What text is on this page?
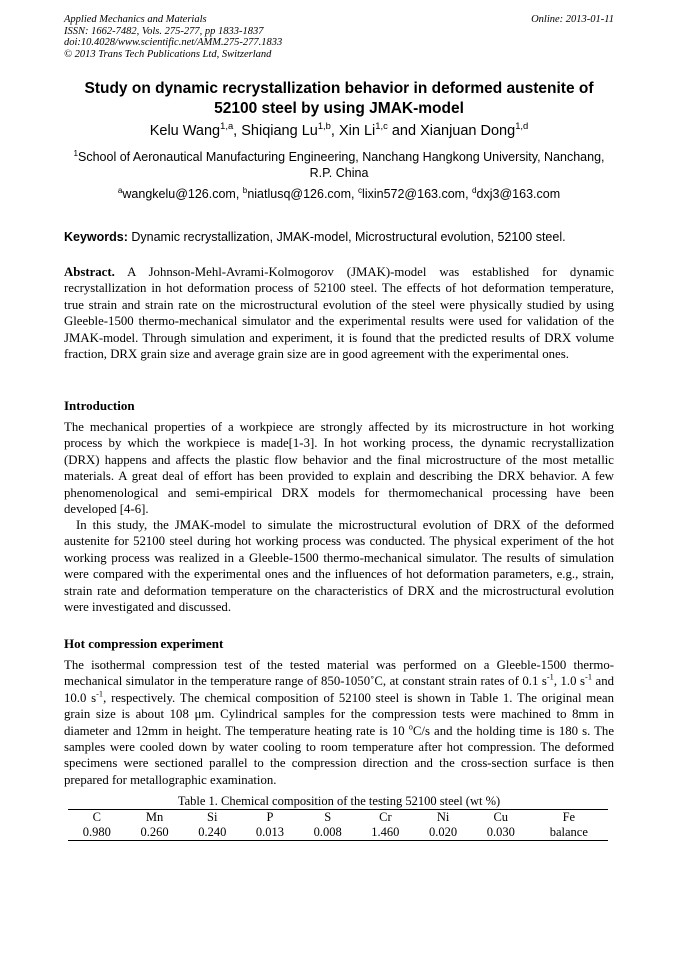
Applied Mechanics and Materials
ISSN: 1662-7482, Vols. 275-277, pp 1833-1837
doi:10.4028/www.scientific.net/AMM.275-277.1833
© 2013 Trans Tech Publications Ltd, Switzerland
Online: 2013-01-11
Study on dynamic recrystallization behavior in deformed austenite of
52100 steel by using JMAK-model
Kelu Wang$^{1,a}$, Shiqiang Lu$^{1,b}$, Xin Li$^{1,c}$ and Xianjuan Dong$^{1,d}$
$^1$School of Aeronautical Manufacturing Engineering, Nanchang Hangkong University, Nanchang, R.P. China
$^a$wangkelu@126.com, $^b$niatlusq@126.com, $^c$lixin572@163.com, $^d$dxj3@163.com
Keywords: Dynamic recrystallization, JMAK-model, Microstructural evolution, 52100 steel.

Abstract. A Johnson-Mehl-Avrami-Kolmogorov (JMAK)-model was established for dynamic recrystallization in hot deformation process of 52100 steel. The effects of hot deformation temperature, true strain and strain rate on the microstructural evolution of the steel were physically studied by using Gleeble-1500 thermo-mechanical simulator and the experimental results were used for validation of the JMAK-model. Through simulation and experiment, it is found that the predicted results of DRX volume fraction, DRX grain size and average grain size are in good agreement with the experimental ones.

Introduction

The mechanical properties of a workpiece are strongly affected by its microstructure in hot working process by which the workpiece is made[1-3]. In hot working process, the dynamic recrystallization (DRX) happens and affects the plastic flow behavior and the final microstructure of the most metallic materials. A great deal of effort has been provided to explain and describing the DRX behavior. A few phenomenological and semi-empirical DRX models for thermomechanical processing have been developed [4-6].

In this study, the JMAK-model to simulate the microstructural evolution of DRX of the deformed austenite for 52100 steel during hot working process was conducted. The physical experiment of the hot working process was realized in a Gleeble-1500 thermo-mechanical simulator. The results of simulation were compared with the experimental ones and the influences of hot deformation parameters, e.g., strain, strain rate and deformation temperature on the characteristics of DRX and the microstructural evolution were investigated and discussed.

Hot compression experiment

The isothermal compression test of the tested material was performed on a Gleeble-1500 thermo-mechanical simulator in the temperature range of 850-1050˚C, at constant strain rates of 0.1 $s^{-1}$, 1.0 $s^{-1}$ and 10.0 $s^{-1}$, respectively. The chemical composition of 52100 steel is shown in Table 1. The original mean grain size is about 108 μm. Cylindrical samples for the compression tests were machined to 8mm in diameter and 12mm in height. The temperature heating rate is 10 $^o$C/s and the holding time is 180 s. The samples were cooled down by water cooling to room temperature after hot compression. The deformed specimens were sectioned parallel to the compression direction and the cross-section surface is then prepared for metallographic examination.

Table 1. Chemical composition of the testing 52100 steel (wt %)
C	Mn	Si	P	S	Cr	Ni	Cu	Fe
0.980	0.260	0.240	0.013	0.008	1.460	0.020	0.030	balance
